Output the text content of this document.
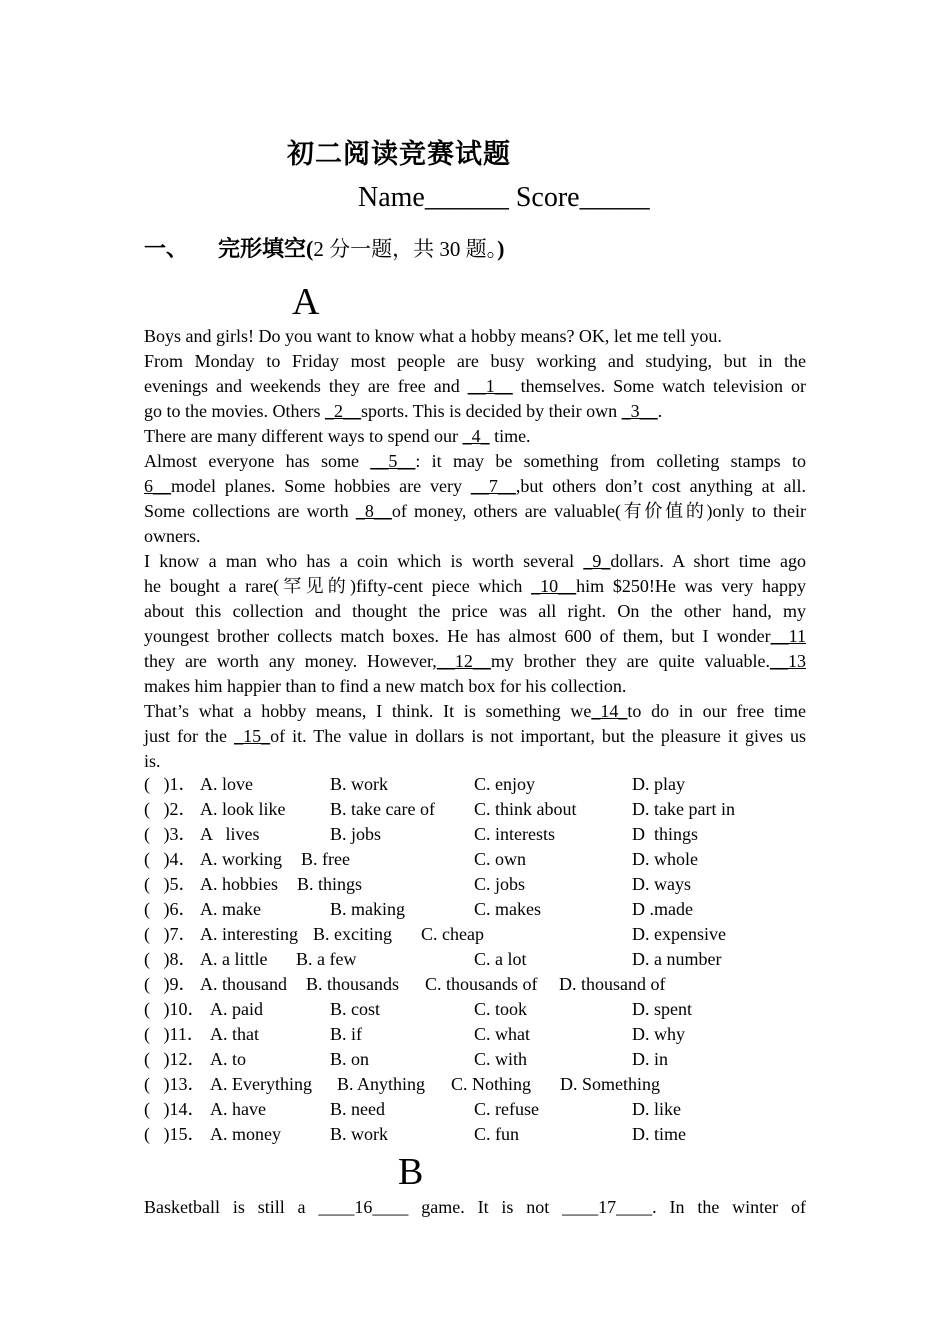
初二阅读竞赛试题
Name______ Score_____
一、 完形填空(2 分一题，共 30 题。)
A
Boys and girls! Do you want to know what a hobby means? OK, let me tell you.
From Monday to Friday most people are busy working and studying, but in the
evenings and weekends they are free and __1__ themselves. Some watch television or
go to the movies. Others _2__sports. This is decided by their own _3__.
There are many different ways to spend our _4_ time.
Almost everyone has some __5__: it may be something from colleting stamps to
6__model planes. Some hobbies are very __7__,but others don’t cost anything at all.
Some collections are worth _8__of money, others are valuable(有价值的)only to their
owners.
I know a man who has a coin which is worth several _9_dollars. A short time ago
he bought a rare(罕见的)fifty-cent piece which _10__him $250!He was very happy
about this collection and thought the price was all right. On the other hand, my
youngest brother collects match boxes. He has almost 600 of them, but I wonder__11
they are worth any money. However,__12__my brother they are quite valuable.__13
makes him happier than to find a new match box for his collection.
That’s what a hobby means, I think. It is something we_14_to do in our free time
just for the _15_of it. The value in dollars is not important, but the pleasure it gives us
is.
(   )1． A. love	B. work	C. enjoy	D. play
(   )2． A. look like B. take care of C. think about	D. take part in
(   )3． A   lives	B. jobs	C. interests	D  things
(   )4． A. working B. free	C. own	D. whole
(   )5． A. hobbies B. things	C. jobs	D. ways
(   )6． A. make	B. making	C. makes	D .made
(   )7． A. interesting B. exciting C. cheap	D. expensive
(   )8． A. a little B. a few	C. a lot	D. a number
(   )9． A. thousand B. thousands C. thousands of D. thousand of
(   )10． A. paid	B. cost	C. took	D. spent
(   )11． A. that	B. if	C. what	D. why
(   )12． A. to	B. on	C. with	D. in
(   )13． A. Everything B. Anything C. Nothing D. Something
(   )14． A. have	B. need	C. refuse	D. like
(   )15． A. money	B. work	C. fun	D. time
B
Basketball is still a ____16____ game. It is not ____17____. In the winter of
